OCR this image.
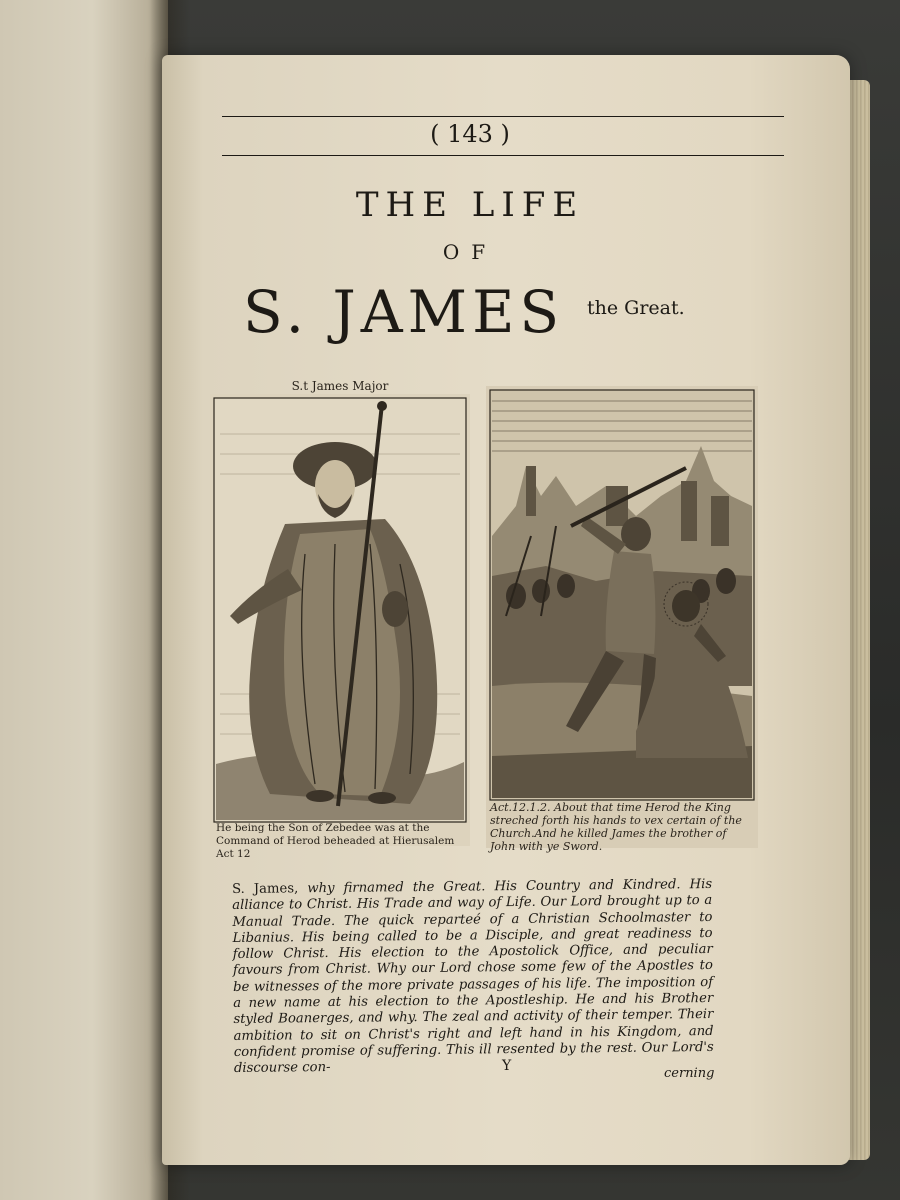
( 143 )
THE LIFE
OF
S. JAMES	the Great.
S.t James Major
He being the Son of Zebedee was at the Command of Herod beheaded at Hierusalem Act 12
Act.12.1.2. About that time Herod the King streched forth his hands to vex certain of the Church.And he killed James the brother of John with ye Sword.
S. James, why firnamed the Great. His Country and Kindred. His alliance to Christ. His Trade and way of Life. Our Lord brought up to a Manual Trade. The quick reparteé of a Christian Schoolmaster to Libanius. His being called to be a Disciple, and great readiness to follow Christ. His election to the Apostolick Office, and peculiar favours from Christ. Why our Lord chose some few of the Apostles to be witnesses of the more private passages of his life. The imposition of a new name at his election to the Apostleship. He and his Brother styled Boanerges, and why. The zeal and activity of their temper. Their ambition to sit on Christ's right and left hand in his Kingdom, and confident promise of suffering. This ill resented by the rest. Our Lord's discourse con-	Y	cerning
